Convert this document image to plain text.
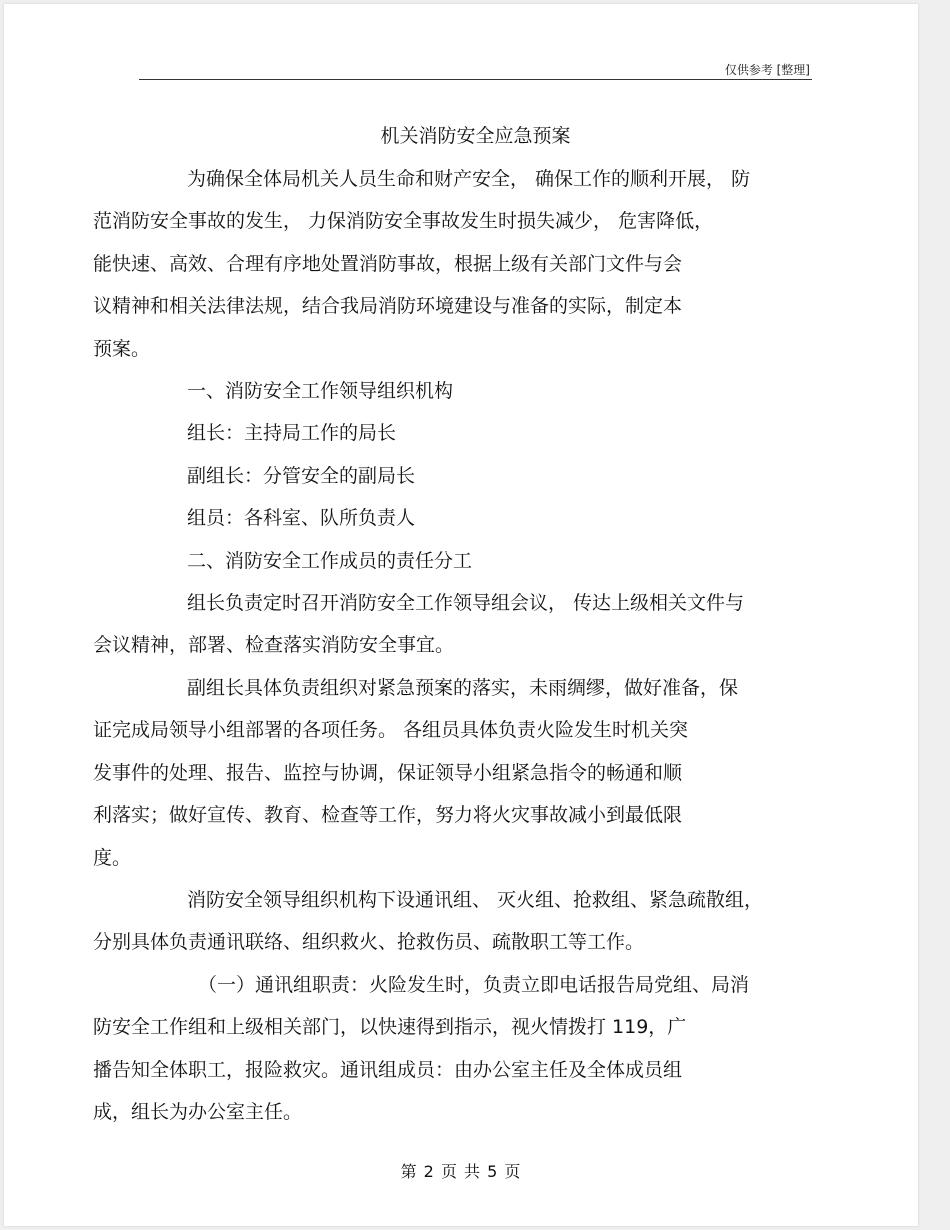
仅供参考 [整理]
机关消防安全应急预案

为确保全体局机关人员生命和财产安全， 确保工作的顺利开展， 防
范消防安全事故的发生， 力保消防安全事故发生时损失减少， 危害降低，
能快速、高效、合理有序地处置消防事故，根据上级有关部门文件与会
议精神和相关法律法规，结合我局消防环境建设与准备的实际，制定本
预案。

一、消防安全工作领导组织机构

组长：主持局工作的局长

副组长：分管安全的副局长

组员：各科室、队所负责人

二、消防安全工作成员的责任分工

组长负责定时召开消防安全工作领导组会议， 传达上级相关文件与
会议精神，部署、检查落实消防安全事宜。

副组长具体负责组织对紧急预案的落实，未雨绸缪，做好准备，保
证完成局领导小组部署的各项任务。 各组员具体负责火险发生时机关突
发事件的处理、报告、监控与协调，保证领导小组紧急指令的畅通和顺
利落实；做好宣传、教育、检查等工作，努力将火灾事故减小到最低限
度。

消防安全领导组织机构下设通讯组、 灭火组、抢救组、紧急疏散组，
分别具体负责通讯联络、组织救火、抢救伤员、疏散职工等工作。

（一）通讯组职责：火险发生时，负责立即电话报告局党组、局消
防安全工作组和上级相关部门，以快速得到指示，视火情拨打 119，广
播告知全体职工，报险救灾。通讯组成员：由办公室主任及全体成员组
成，组长为办公室主任。

第 2 页 共 5 页
